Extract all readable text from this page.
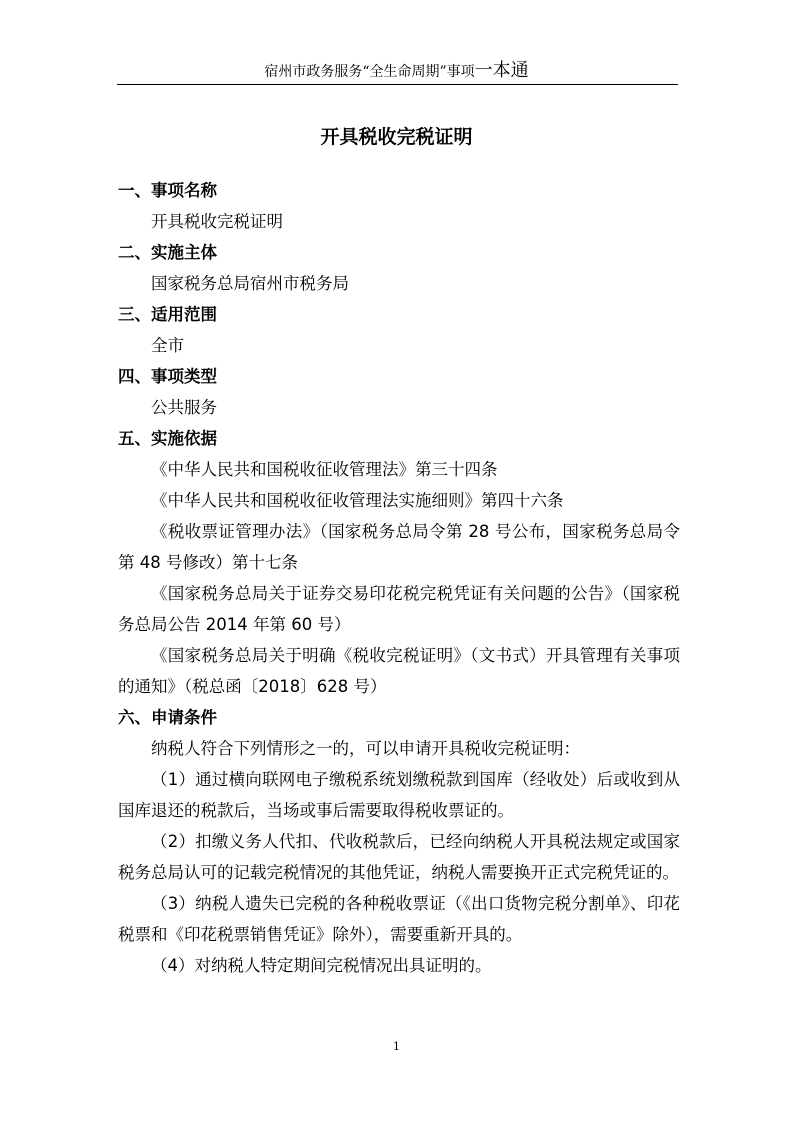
宿州市政务服务“全生命周期”事项一本通
开具税收完税证明

一、事项名称

开具税收完税证明

二、实施主体

国家税务总局宿州市税务局

三、适用范围

全市

四、事项类型

公共服务

五、实施依据

《中华人民共和国税收征收管理法》第三十四条

《中华人民共和国税收征收管理法实施细则》第四十六条

《税收票证管理办法》（国家税务总局令第 28 号公布，国家税务总局令第 48 号修改）第十七条

《国家税务总局关于证券交易印花税完税凭证有关问题的公告》（国家税务总局公告 2014 年第 60 号）

《国家税务总局关于明确《税收完税证明》（文书式）开具管理有关事项的通知》（税总函〔2018〕628 号）

六、申请条件

纳税人符合下列情形之一的，可以申请开具税收完税证明：

（1）通过横向联网电子缴税系统划缴税款到国库（经收处）后或收到从国库退还的税款后，当场或事后需要取得税收票证的。

（2）扣缴义务人代扣、代收税款后，已经向纳税人开具税法规定或国家税务总局认可的记载完税情况的其他凭证，纳税人需要换开正式完税凭证的。

（3）纳税人遗失已完税的各种税收票证（《出口货物完税分割单》、印花税票和《印花税票销售凭证》除外），需要重新开具的。

（4）对纳税人特定期间完税情况出具证明的。

1
